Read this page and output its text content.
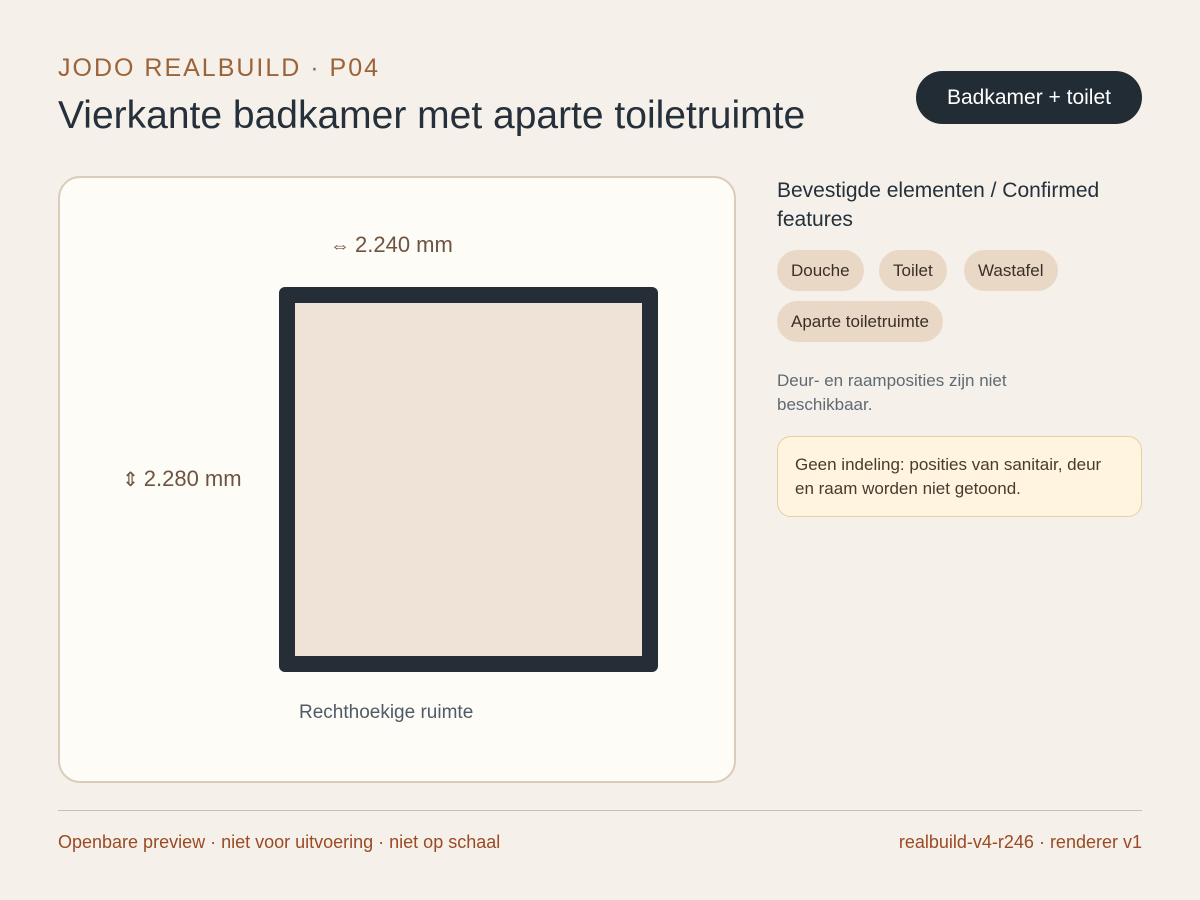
JODO REALBUILD · P04
Vierkante badkamer met aparte toiletruimte	Badkamer + toilet
⇔ 2.240 mm
⇕ 2.280 mm
Rechthoekige ruimte
Bevestigde elementen / Confirmed features
Douche	Toilet	Wastafel
Aparte toiletruimte
Deur- en raamposities zijn niet beschikbaar.
Geen indeling: posities van sanitair, deur en raam worden niet getoond.
Openbare preview · niet voor uitvoering · niet op schaal	realbuild-v4-r246 · renderer v1
